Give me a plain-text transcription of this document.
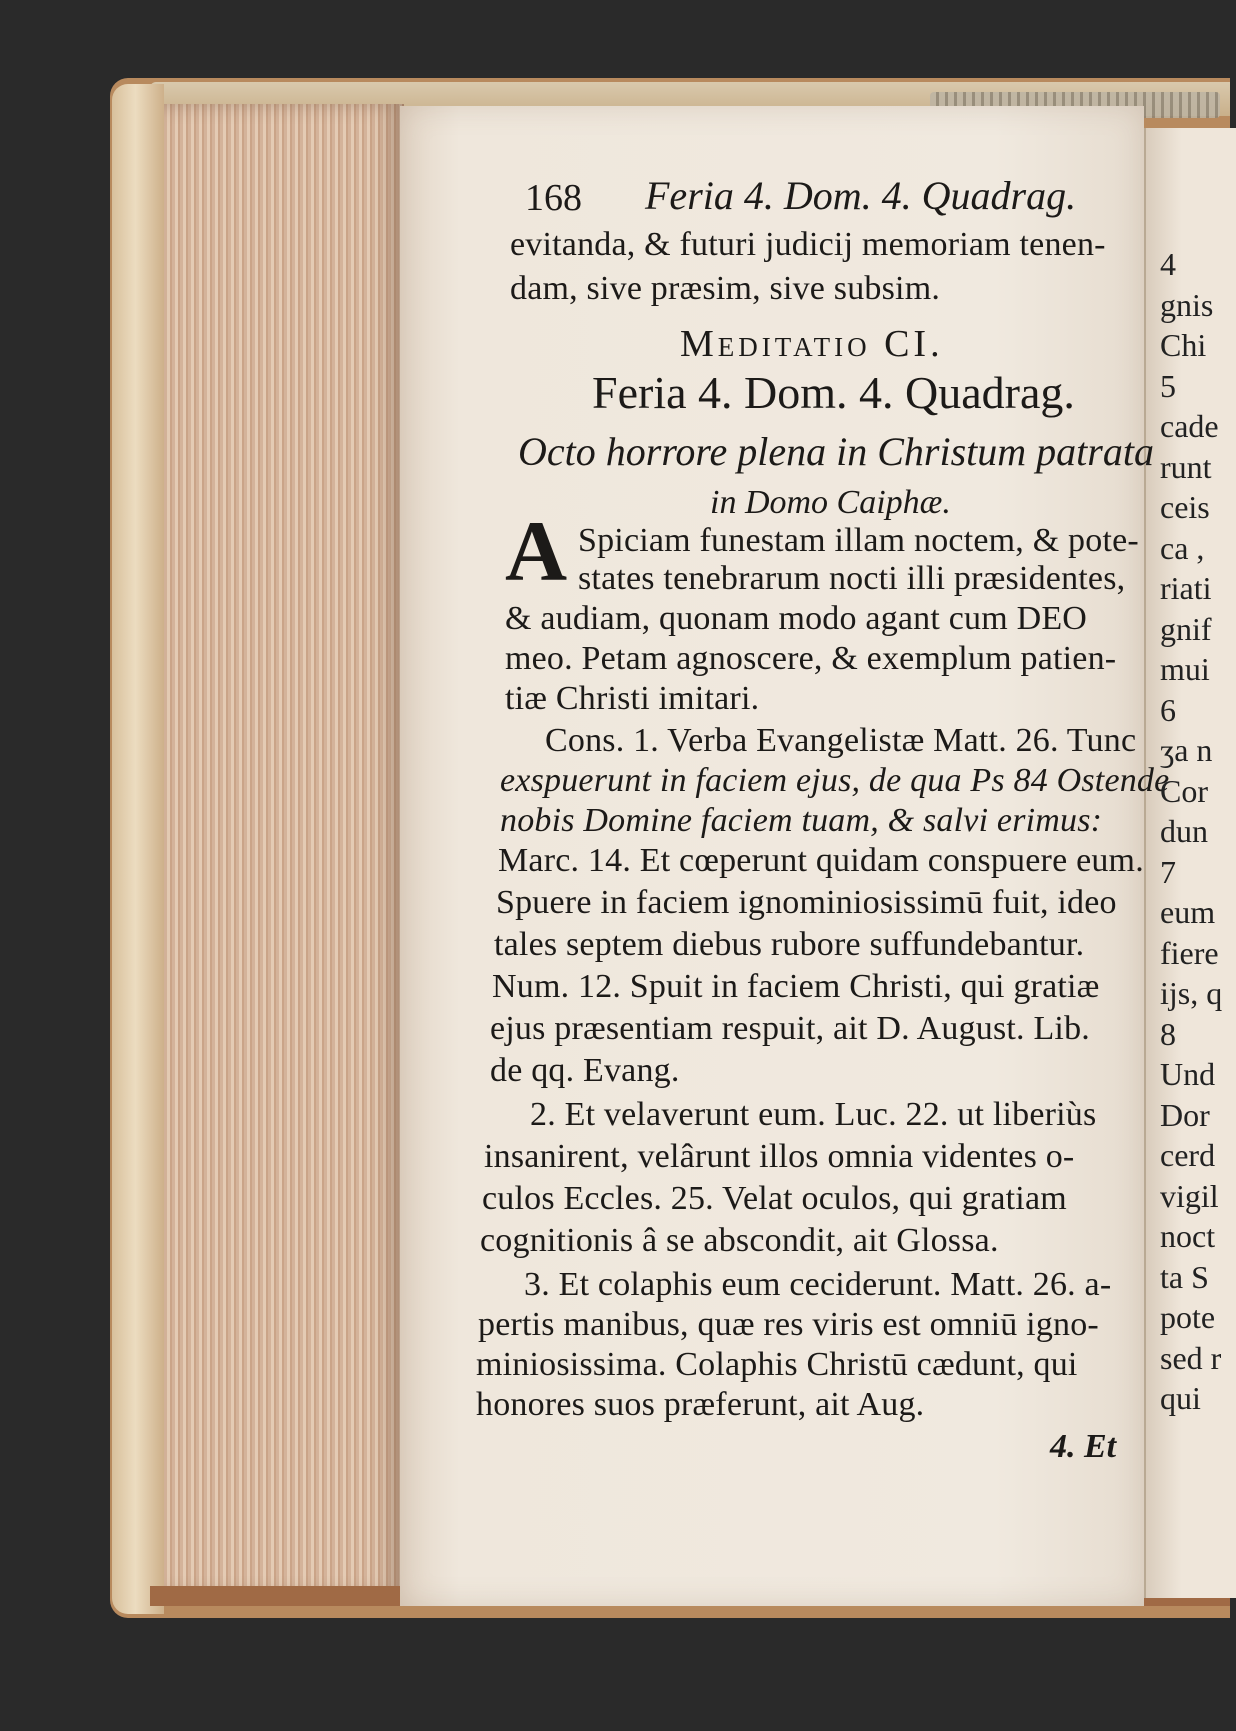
168 Feria 4. Dom. 4. Quadrag.
evitanda, & futuri judicij memoriam tenen-
dam, sive præsim, sive subsim.
Meditatio CI.
Feria 4. Dom. 4. Quadrag.
Octo horrore plena in Christum patrata
in Domo Caiphæ.
A Spiciam funestam illam noctem, & pote-
states tenebrarum nocti illi præsidentes,
& audiam, quonam modo agant cum DEO
meo. Petam agnoscere, & exemplum patien-
tiæ Christi imitari.
Cons. 1. Verba Evangelistæ Matt. 26. Tunc
exspuerunt in faciem ejus, de qua Ps 84 Ostende
nobis Domine faciem tuam, & salvi erimus:
Marc. 14. Et cœperunt quidam conspuere eum.
Spuere in faciem ignominiosissimū fuit, ideo
tales septem diebus rubore suffundebantur.
Num. 12. Spuit in faciem Christi, qui gratiæ
ejus præsentiam respuit, ait D. August. Lib.
de qq. Evang.
2. Et velaverunt eum. Luc. 22. ut liberiùs
insanirent, velârunt illos omnia videntes o-
culos Eccles. 25. Velat oculos, qui gratiam
cognitionis â se abscondit, ait Glossa.
3. Et colaphis eum ceciderunt. Matt. 26. a-
pertis manibus, quæ res viris est omniū igno-
miniosissima. Colaphis Christū cædunt, qui
honores suos præferunt, ait Aug.
4. Et
4
gnis
Chi
5
cade
runt
ceis
ca ,
riati
gnif
mui
6
ʒa n
Cor
dun
7
eum
fiere
ijs, q
8
Und
Dor
cerd
vigil
noct
ta S
pote
sed r
qui
